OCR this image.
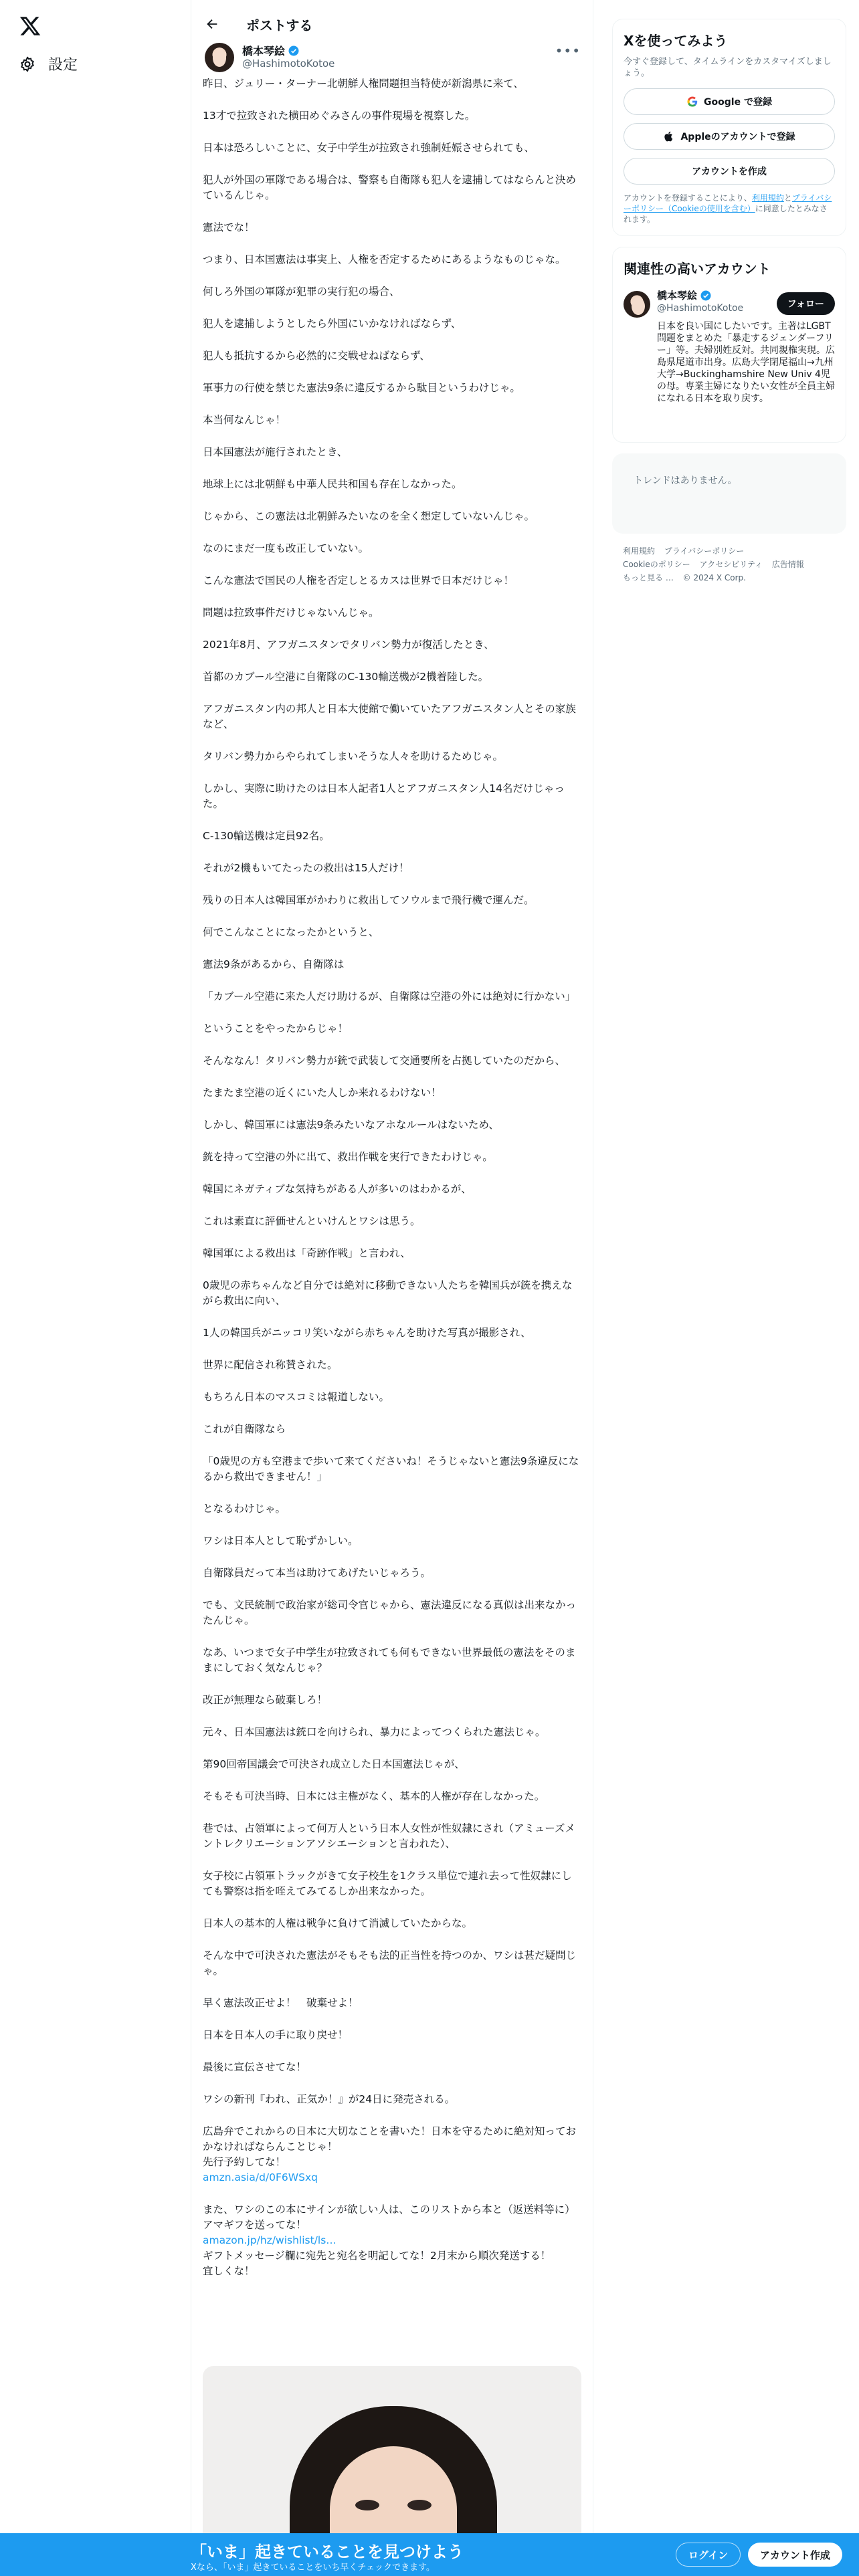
設定
ポストする
橋本琴絵
@HashimotoKotoe
•••

昨日、ジュリー・ターナー北朝鮮人権問題担当特使が新潟県に来て、

13才で拉致された横田めぐみさんの事件現場を視察した。

日本は恐ろしいことに、女子中学生が拉致され強制妊娠させられても、

犯人が外国の軍隊である場合は、警察も自衛隊も犯人を逮捕してはならんと決めているんじゃ。

憲法でな！

つまり、日本国憲法は事実上、人権を否定するためにあるようなものじゃな。

何しろ外国の軍隊が犯罪の実行犯の場合、

犯人を逮捕しようとしたら外国にいかなければならず、

犯人も抵抗するから必然的に交戦せねばならず、

軍事力の行使を禁じた憲法9条に違反するから駄目というわけじゃ。

本当何なんじゃ！

日本国憲法が施行されたとき、

地球上には北朝鮮も中華人民共和国も存在しなかった。

じゃから、この憲法は北朝鮮みたいなのを全く想定していないんじゃ。

なのにまだ一度も改正していない。

こんな憲法で国民の人権を否定しとるカスは世界で日本だけじゃ！

問題は拉致事件だけじゃないんじゃ。

2021年8月、アフガニスタンでタリバン勢力が復活したとき、

首都のカブール空港に自衛隊のC-130輸送機が2機着陸した。

アフガニスタン内の邦人と日本大使館で働いていたアフガニスタン人とその家族など、

タリバン勢力からやられてしまいそうな人々を助けるためじゃ。

しかし、実際に助けたのは日本人記者1人とアフガニスタン人14名だけじゃった。

C-130輸送機は定員92名。

それが2機もいてたったの救出は15人だけ！

残りの日本人は韓国軍がかわりに救出してソウルまで飛行機で運んだ。

何でこんなことになったかというと、

憲法9条があるから、自衛隊は

「カブール空港に来た人だけ助けるが、自衛隊は空港の外には絶対に行かない」

ということをやったからじゃ！

そんななん！タリバン勢力が銃で武装して交通要所を占拠していたのだから、

たまたま空港の近くにいた人しか来れるわけない！

しかし、韓国軍には憲法9条みたいなアホなルールはないため、

銃を持って空港の外に出て、救出作戦を実行できたわけじゃ。

韓国にネガティブな気持ちがある人が多いのはわかるが、

これは素直に評価せんといけんとワシは思う。

韓国軍による救出は「奇跡作戦」と言われ、

0歳児の赤ちゃんなど自分では絶対に移動できない人たちを韓国兵が銃を携えながら救出に向い、

1人の韓国兵がニッコリ笑いながら赤ちゃんを助けた写真が撮影され、

世界に配信され称賛された。

もちろん日本のマスコミは報道しない。

これが自衛隊なら

「0歳児の方も空港まで歩いて来てくださいね！そうじゃないと憲法9条違反になるから救出できません！」

となるわけじゃ。

ワシは日本人として恥ずかしい。

自衛隊員だって本当は助けてあげたいじゃろう。

でも、文民統制で政治家が総司令官じゃから、憲法違反になる真似は出来なかったんじゃ。

なあ、いつまで女子中学生が拉致されても何もできない世界最低の憲法をそのままにしておく気なんじゃ？

改正が無理なら破棄しろ！

元々、日本国憲法は銃口を向けられ、暴力によってつくられた憲法じゃ。

第90回帝国議会で可決され成立した日本国憲法じゃが、

そもそも可決当時、日本には主権がなく、基本的人権が存在しなかった。

巷では、占領軍によって何万人という日本人女性が性奴隷にされ（アミューズメントレクリエーションアソシエーションと言われた）、

女子校に占領軍トラックがきて女子校生を1クラス単位で連れ去って性奴隷にしても警察は指を咥えてみてるしか出来なかった。

日本人の基本的人権は戦争に負けて消滅していたからな。

そんな中で可決された憲法がそもそも法的正当性を持つのか、ワシは甚だ疑問じゃ。

早く憲法改正せよ！　破棄せよ！

日本を日本人の手に取り戻せ！

最後に宣伝させてな！

ワシの新刊『われ、正気か！』が24日に発売される。

広島弁でこれからの日本に大切なことを書いた！日本を守るために絶対知っておかなければならんことじゃ！
先行予約してな！

amzn.asia/d/0F6WSxq

また、ワシのこの本にサインが欲しい人は、このリストから本と（返送料等に）アマギフを送ってな！

amazon.jp/hz/wishlist/ls…

ギフトメッセージ欄に宛先と宛名を明記してな！2月末から順次発送する！
宜しくな！

Xを使ってみよう
今すぐ登録して、タイムラインをカスタマイズしましょう。
Google で登録
Appleのアカウントで登録
アカウントを作成
アカウントを登録することにより、利用規約とプライバシーポリシー（Cookieの使用を含む）に同意したとみなされます。
関連性の高いアカウント
橋本琴絵
@HashimotoKotoe	フォロー
日本を良い国にしたいです。主著はLGBT問題をまとめた「暴走するジェンダーフリー」等。夫婦別姓反対。共同親権実現。広島県尾道市出身。広島大学閉尾福山→九州大学→Buckinghamshire New Univ 4児の母。専業主婦になりたい女性が全員主婦になれる日本を取り戻す。
トレンドはありません。
利用規約 プライバシーポリシー
Cookieのポリシー アクセシビリティ 広告情報
もっと見る … © 2024 X Corp.
「いま」起きていることを見つけよう
Xなら、「いま」起きていることをいち早くチェックできます。
ログイン	アカウント作成
